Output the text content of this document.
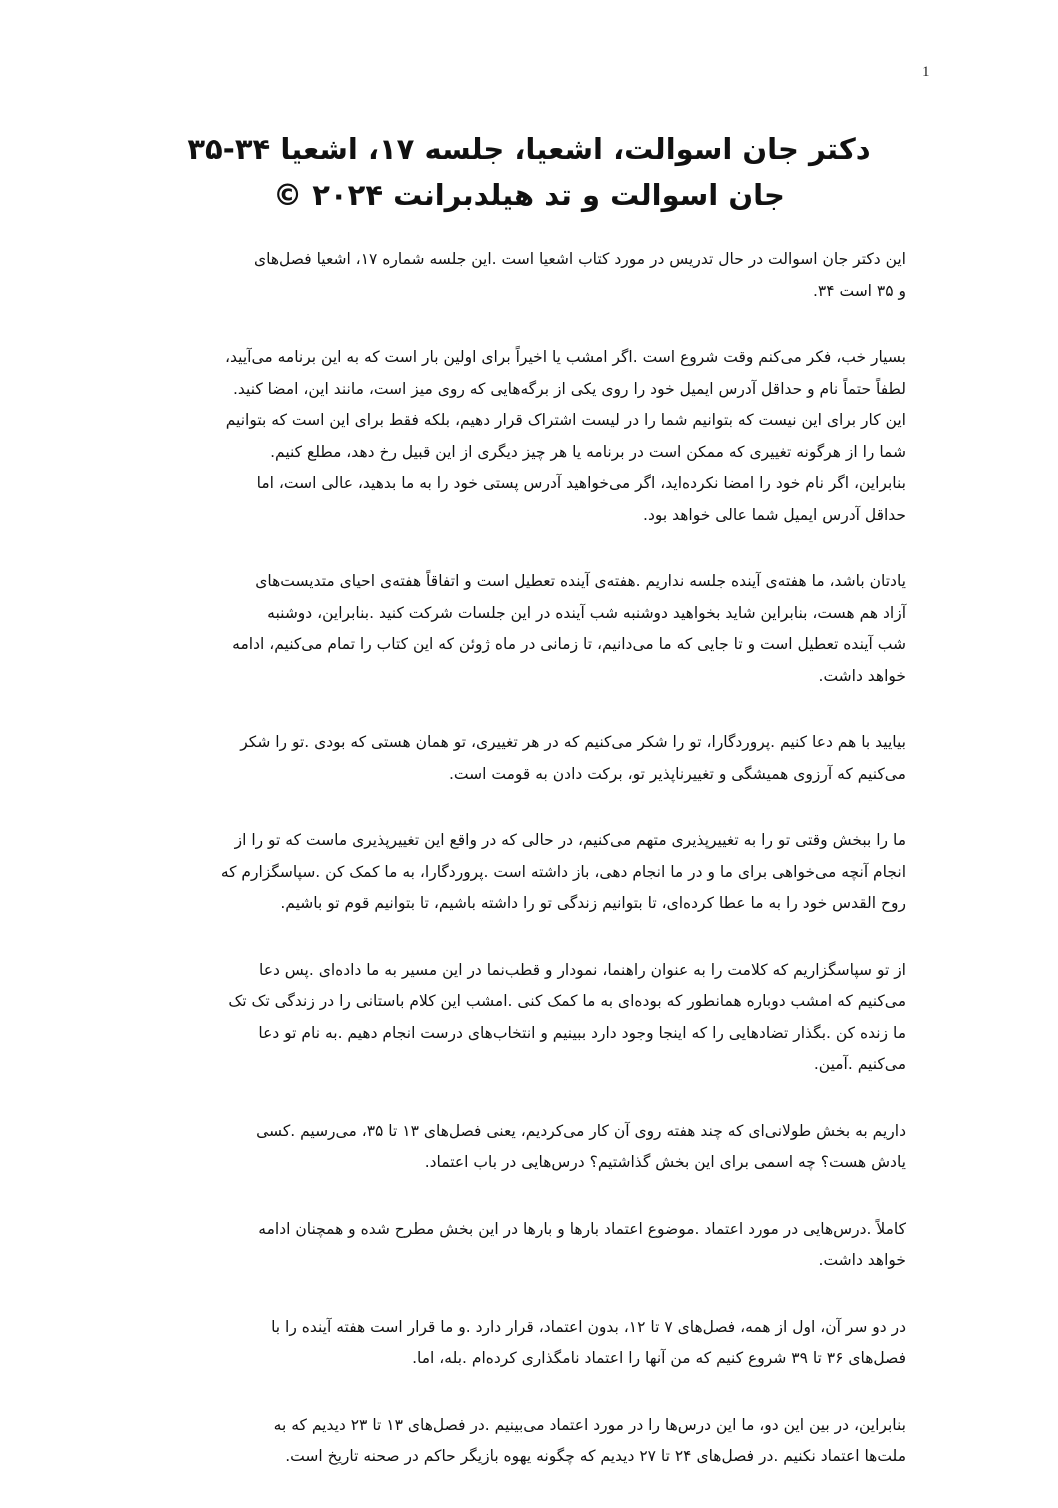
1
دکتر جان اسوالت، اشعیا، جلسه ۱۷، اشعیا ۳۴-۳۵
جان اسوالت و تد هیلدبرانت ۲۰۲۴ ©
این دکتر جان اسوالت در حال تدریس در مورد کتاب اشعیا است .این جلسه شماره ۱۷، اشعیا فصل‌های
.و ۳۵ است ۳۴
،بسیار خب، فکر می‌کنم وقت شروع است .اگر امشب یا اخیراً برای اولین بار است که به این برنامه می‌آیید
.لطفاً حتماً نام و حداقل آدرس ایمیل خود را روی یکی از برگه‌هایی که روی میز است، مانند این، امضا کنید
این کار برای این نیست که بتوانیم شما را در لیست اشتراک قرار دهیم، بلکه فقط برای این است که بتوانیم
.شما را از هرگونه تغییری که ممکن است در برنامه یا هر چیز دیگری از این قبیل رخ دهد، مطلع کنیم
بنابراین، اگر نام خود را امضا نکرده‌اید، اگر می‌خواهید آدرس پستی خود را به ما بدهید، عالی است، اما
.حداقل آدرس ایمیل شما عالی خواهد بود
یادتان باشد، ما هفته‌ی آینده جلسه نداریم .هفته‌ی آینده تعطیل است و اتفاقاً هفته‌ی احیای متدیست‌های
آزاد هم هست، بنابراین شاید بخواهید دوشنبه شب آینده در این جلسات شرکت کنید .بنابراین، دوشنبه
شب آینده تعطیل است و تا جایی که ما می‌دانیم، تا زمانی در ماه ژوئن که این کتاب را تمام می‌کنیم، ادامه
.خواهد داشت
بیایید با هم دعا کنیم .پروردگارا، تو را شکر می‌کنیم که در هر تغییری، تو همان هستی که بودی .تو را شکر
.می‌کنیم که آرزوی همیشگی و تغییرناپذیر تو، برکت دادن به قومت است
ما را ببخش وقتی تو را به تغییرپذیری متهم می‌کنیم، در حالی که در واقع این تغییرپذیری ماست که تو را از
انجام آنچه می‌خواهی برای ما و در ما انجام دهی، باز داشته است .پروردگارا، به ما کمک کن .سپاسگزارم که
.روح القدس خود را به ما عطا کرده‌ای، تا بتوانیم زندگی تو را داشته باشیم، تا بتوانیم قوم تو باشیم
از تو سپاسگزاریم که کلامت را به عنوان راهنما، نمودار و قطب‌نما در این مسیر به ما داده‌ای .پس دعا
می‌کنیم که امشب دوباره همانطور که بوده‌ای به ما کمک کنی .امشب این کلام باستانی را در زندگی تک تک
ما زنده کن .بگذار تضادهایی را که اینجا وجود دارد ببینیم و انتخاب‌های درست انجام دهیم .به نام تو دعا
.می‌کنیم .آمین
داریم به بخش طولانی‌ای که چند هفته روی آن کار می‌کردیم، یعنی فصل‌های ۱۳ تا ۳۵، می‌رسیم .کسی
.یادش هست؟ چه اسمی برای این بخش گذاشتیم؟ درس‌هایی در باب اعتماد
کاملاً .درس‌هایی در مورد اعتماد .موضوع اعتماد بارها و بارها در این بخش مطرح شده و همچنان ادامه
.خواهد داشت
در دو سر آن، اول از همه، فصل‌های ۷ تا ۱۲، بدون اعتماد، قرار دارد .و ما قرار است هفته آینده را با
.فصل‌های ۳۶ تا ۳۹ شروع کنیم که من آنها را اعتماد نامگذاری کرده‌ام .بله، اما
بنابراین، در بین این دو، ما این درس‌ها را در مورد اعتماد می‌بینیم .در فصل‌های ۱۳ تا ۲۳ دیدیم که به
.ملت‌ها اعتماد نکنیم .در فصل‌های ۲۴ تا ۲۷ دیدیم که چگونه یهوه بازیگر حاکم در صحنه تاریخ است
